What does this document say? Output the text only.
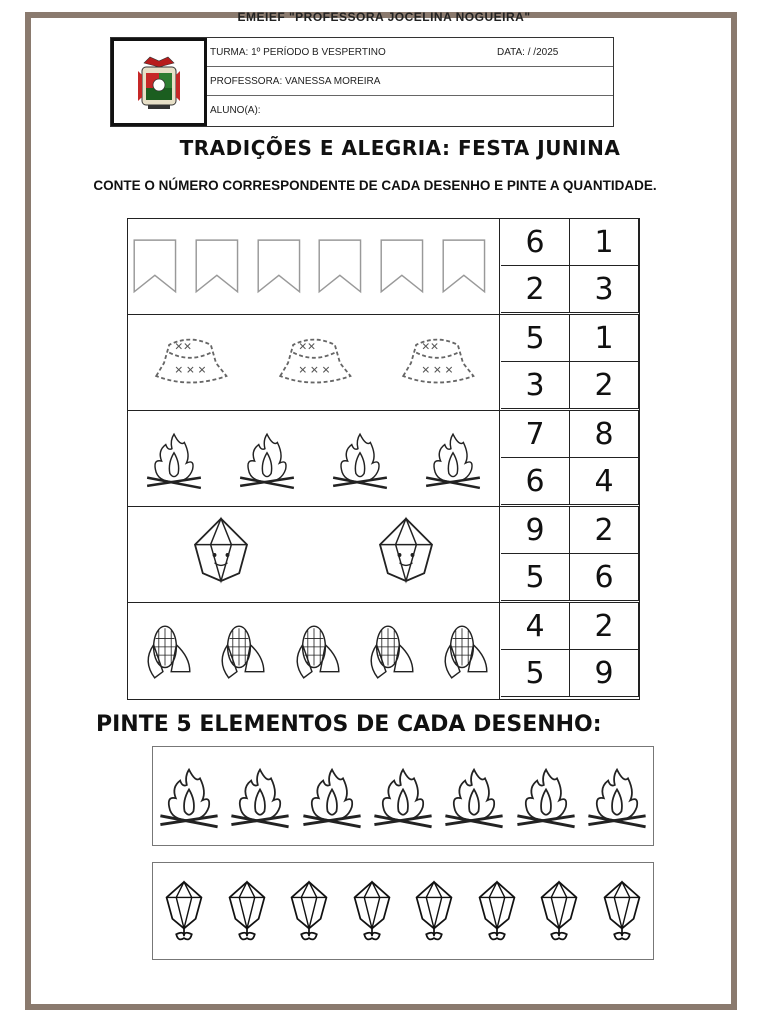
EMEIEF "PROFESSORA JOCELINA NOGUEIRA"
TURMA: 1º PERÍODO B VESPERTINO	DATA: / /2025
PROFESSORA: VANESSA MOREIRA
ALUNO(A):
TRADIÇÕES E ALEGRIA: FESTA JUNINA
CONTE O NÚMERO CORRESPONDENTE DE CADA DESENHO E PINTE A QUANTIDADE.
6	1
2	3
✕✕
✕ ✕ ✕
✕✕
✕ ✕ ✕
✕✕
✕ ✕ ✕
5	1
3	2
7	8
6	4
9	2
5	6
4	2
5	9
PINTE 5 ELEMENTOS DE CADA DESENHO:
